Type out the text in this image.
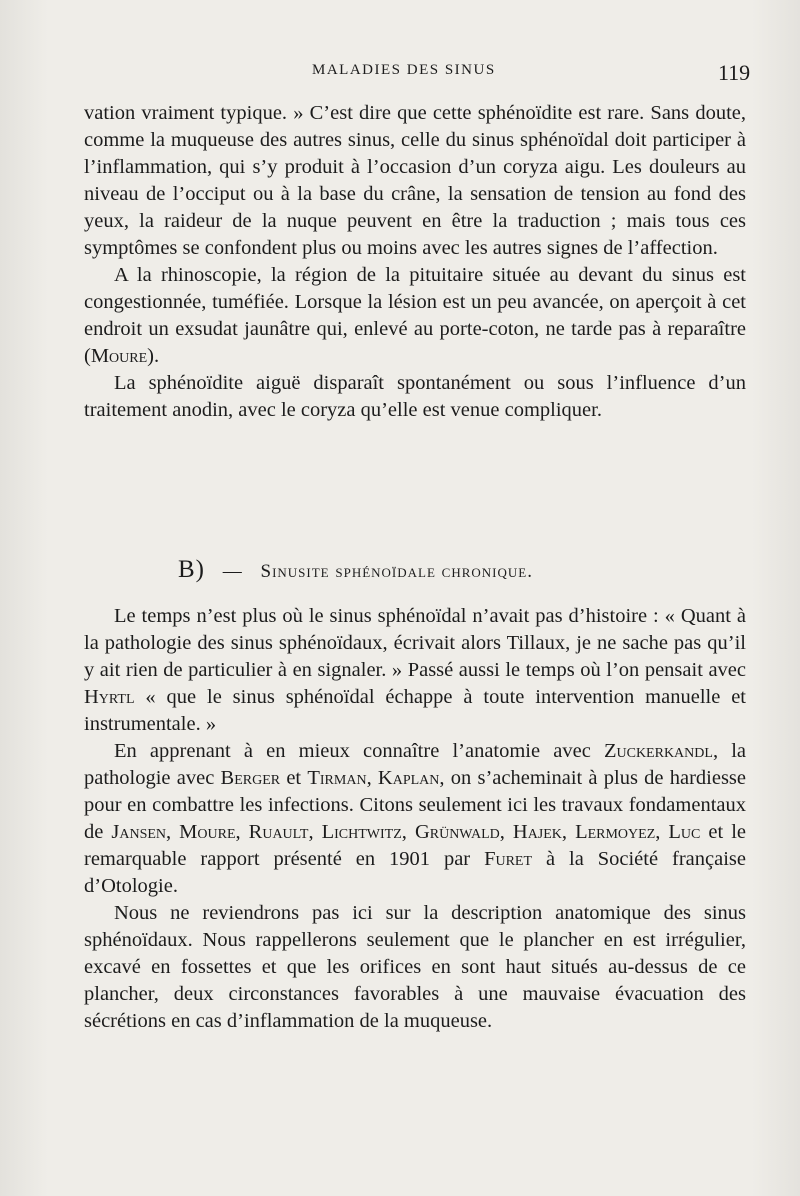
MALADIES DES SINUS	119

vation vraiment typique. » C’est dire que cette sphénoïdite est rare. Sans doute, comme la muqueuse des autres sinus, celle du sinus sphénoïdal doit participer à l’inflammation, qui s’y produit à l’occasion d’un coryza aigu. Les douleurs au niveau de l’occiput ou à la base du crâne, la sensation de tension au fond des yeux, la raideur de la nuque peuvent en être la traduction ; mais tous ces symptômes se confondent plus ou moins avec les autres signes de l’affection.

A la rhinoscopie, la région de la pituitaire située au devant du sinus est congestionnée, tuméfiée. Lorsque la lésion est un peu avancée, on aperçoit à cet endroit un exsudat jaunâtre qui, enlevé au porte-coton, ne tarde pas à reparaître (Moure).

La sphénoïdite aiguë disparaît spontanément ou sous l’influence d’un traitement anodin, avec le coryza qu’elle est venue compliquer.

B) — Sinusite sphénoïdale chronique.

Le temps n’est plus où le sinus sphénoïdal n’avait pas d’histoire : « Quant à la pathologie des sinus sphénoïdaux, écrivait alors Tillaux, je ne sache pas qu’il y ait rien de particulier à en signaler. » Passé aussi le temps où l’on pensait avec Hyrtl « que le sinus sphénoïdal échappe à toute intervention manuelle et instrumentale. »

En apprenant à en mieux connaître l’anatomie avec Zuckerkandl, la pathologie avec Berger et Tirman, Kaplan, on s’acheminait à plus de hardiesse pour en combattre les infections. Citons seulement ici les travaux fondamentaux de Jansen, Moure, Ruault, Lichtwitz, Grünwald, Hajek, Lermoyez, Luc et le remarquable rapport présenté en 1901 par Furet à la Société française d’Otologie.

Nous ne reviendrons pas ici sur la description anatomique des sinus sphénoïdaux. Nous rappellerons seulement que le plancher en est irrégulier, excavé en fossettes et que les orifices en sont haut situés au-dessus de ce plancher, deux circonstances favorables à une mauvaise évacuation des sécrétions en cas d’inflammation de la muqueuse.
